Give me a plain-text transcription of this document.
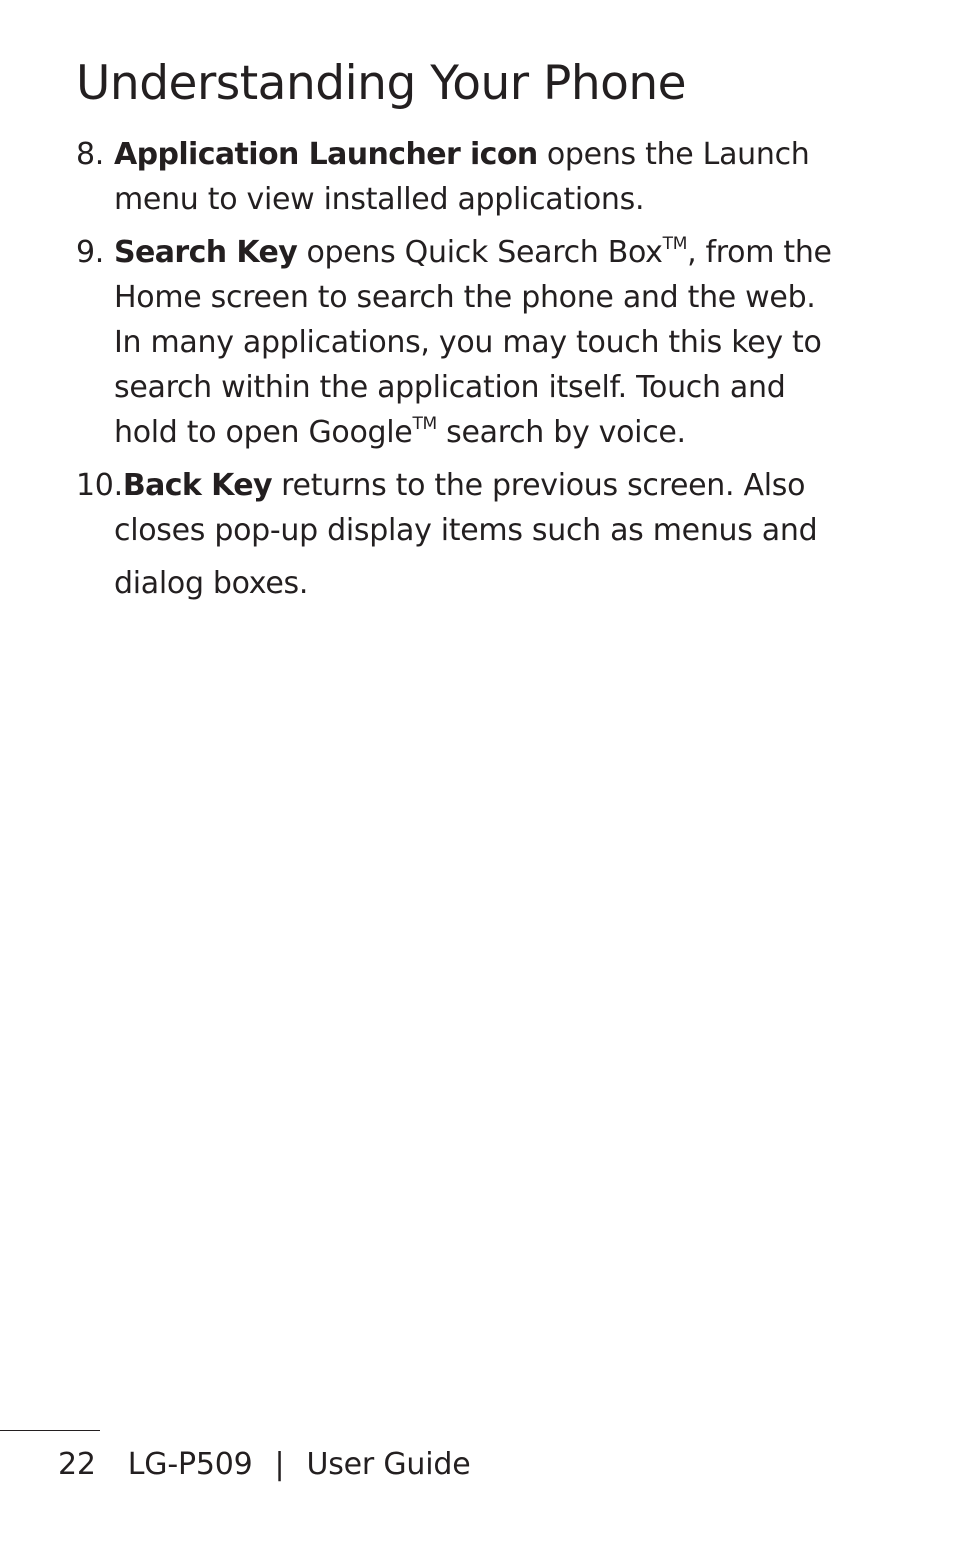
Understanding Your Phone
8. Application Launcher icon opens the Launch
menu to view installed applications.
9. Search Key opens Quick Search Box™, from the
Home screen to search the phone and the web.
In many applications, you may touch this key to
search within the application itself. Touch and
hold to open Google™ search by voice.
10.Back Key returns to the previous screen. Also
closes pop-up display items such as menus and
dialog boxes.
22 LG-P509 | User Guide
